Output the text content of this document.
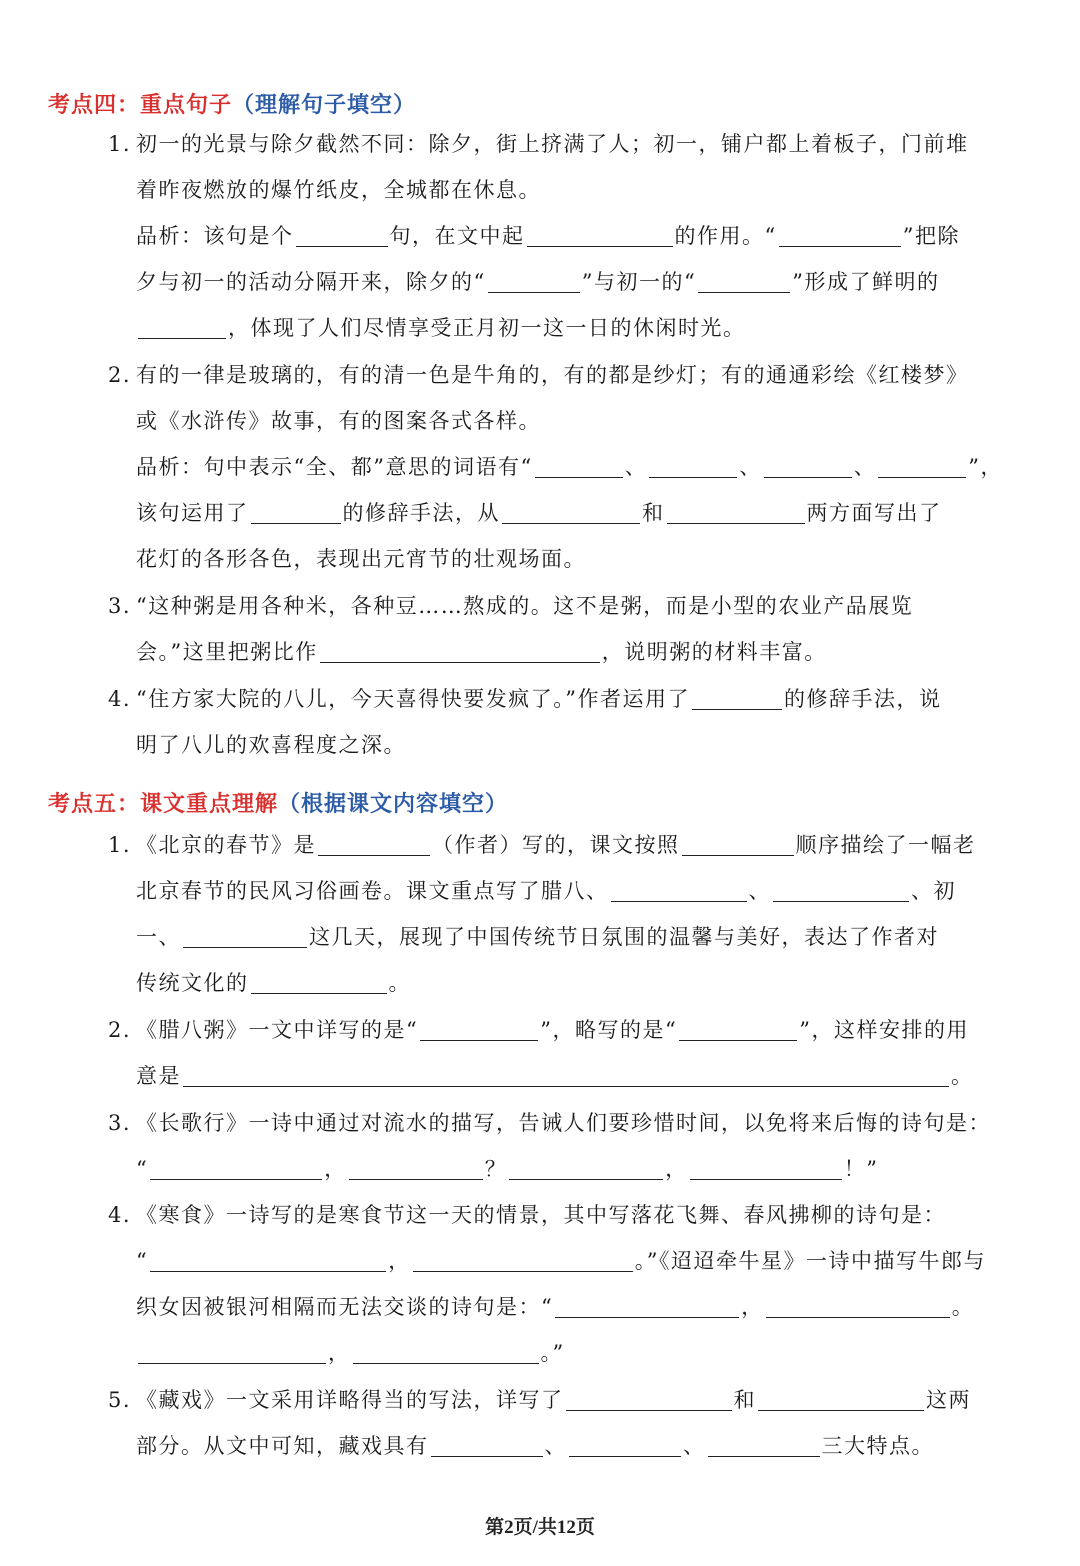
考点四：重点句子（理解句子填空）
1. 初一的光景与除夕截然不同：除夕，街上挤满了人；初一，铺户都上着板子，门前堆
着昨夜燃放的爆竹纸皮，全城都在休息。
品析：该句是个	句，在文中起	的作用。“	”把除
夕与初一的活动分隔开来，除夕的“	”与初一的“	”形成了鲜明的
，体现了人们尽情享受正月初一这一日的休闲时光。
2. 有的一律是玻璃的，有的清一色是牛角的，有的都是纱灯；有的通通彩绘《红楼梦》
或《水浒传》故事，有的图案各式各样。
品析：句中表示“全、都”意思的词语有“	、	、	、	”，
该句运用了	的修辞手法，从	和	两方面写出了
花灯的各形各色，表现出元宵节的壮观场面。
3. “这种粥是用各种米，各种豆……熬成的。这不是粥，而是小型的农业产品展览
会。”这里把粥比作	，说明粥的材料丰富。
4. “住方家大院的八儿，今天喜得快要发疯了。”作者运用了	的修辞手法，说
明了八儿的欢喜程度之深。
考点五：课文重点理解（根据课文内容填空）
1. 《北京的春节》是	（作者）写的，课文按照	顺序描绘了一幅老
北京春节的民风习俗画卷。课文重点写了腊八、	、	、初
一、	这几天，展现了中国传统节日氛围的温馨与美好，表达了作者对
传统文化的	。
2. 《腊八粥》一文中详写的是“	”，略写的是“	”，这样安排的用
意是	。
3. 《长歌行》一诗中通过对流水的描写，告诫人们要珍惜时间，以免将来后悔的诗句是：
“	，	？	，	！”
4. 《寒食》一诗写的是寒食节这一天的情景，其中写落花飞舞、春风拂柳的诗句是：
“	，	。”《迢迢牵牛星》一诗中描写牛郎与
织女因被银河相隔而无法交谈的诗句是：“	，	。
，	。”
5. 《藏戏》一文采用详略得当的写法，详写了	和	这两
部分。从文中可知，藏戏具有	、	、	三大特点。
第2页/共12页
